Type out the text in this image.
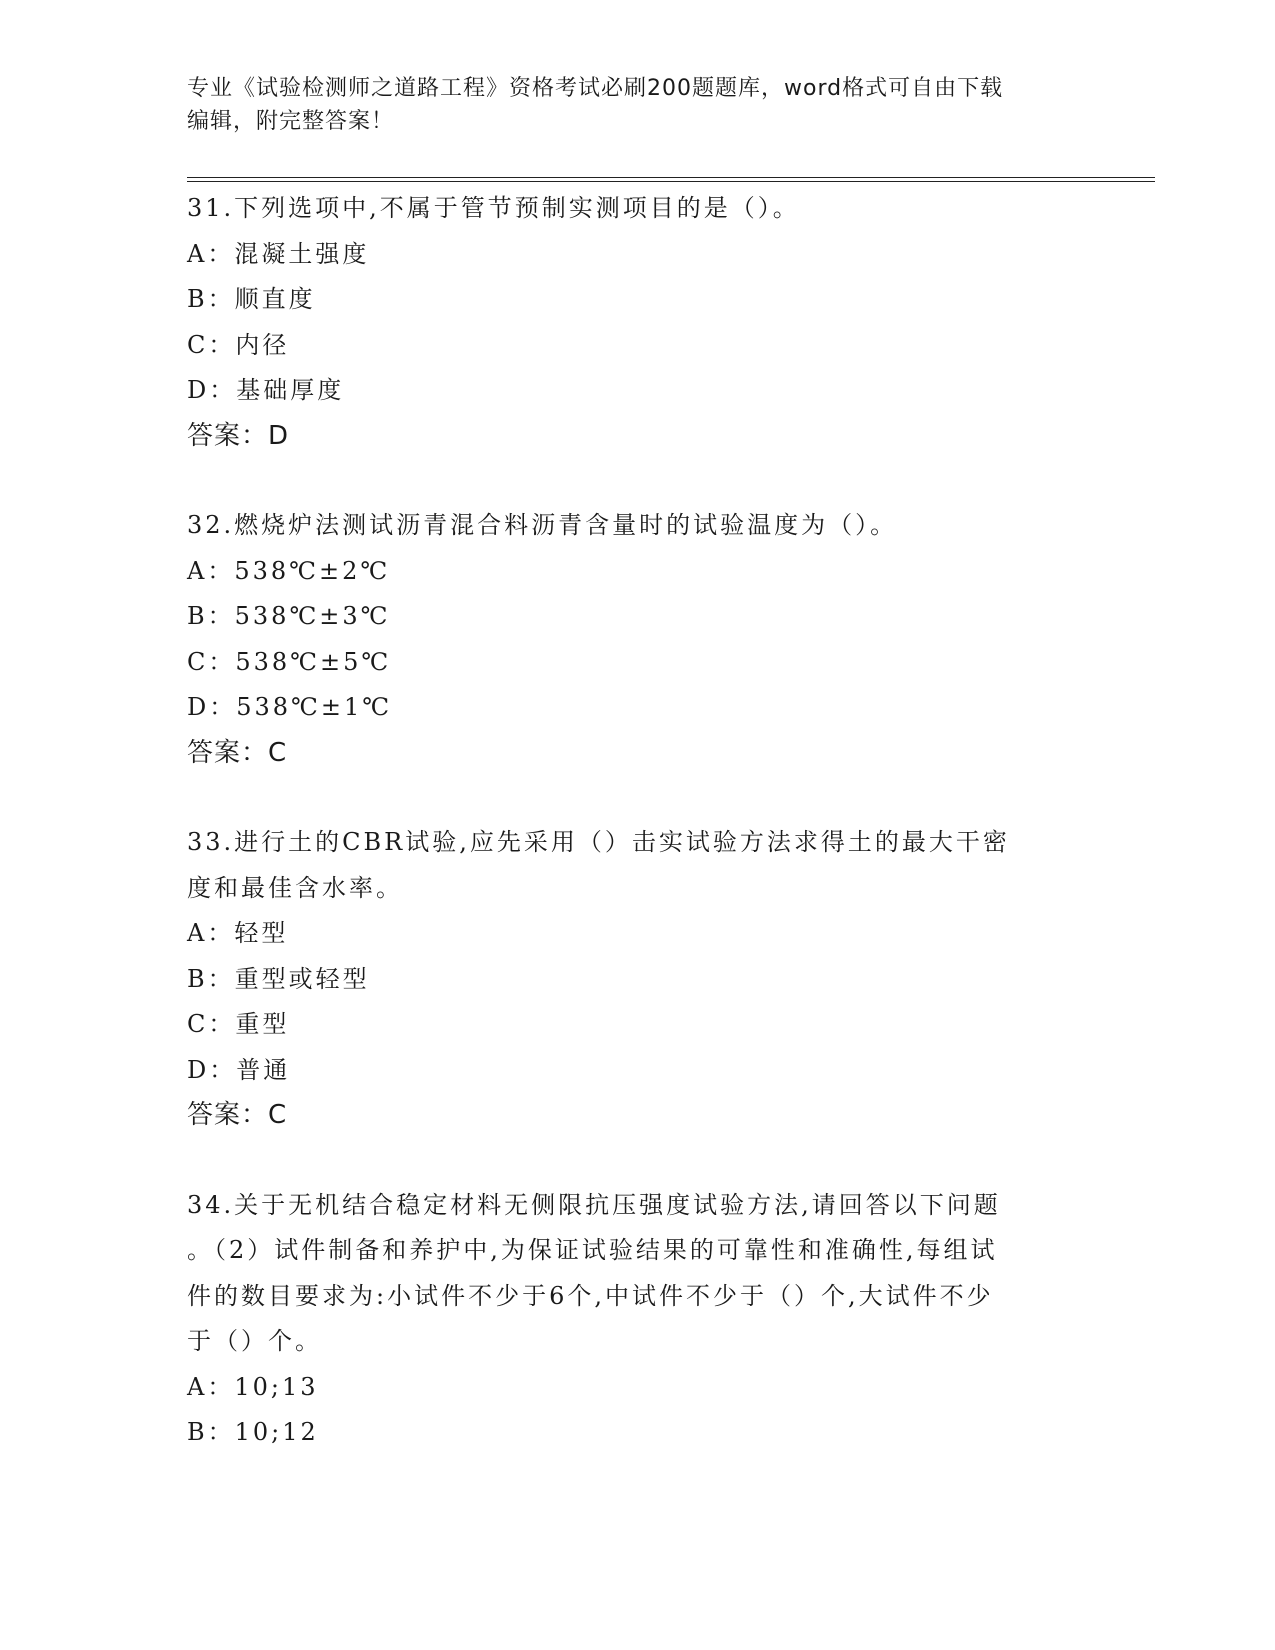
专业《试验检测师之道路工程》资格考试必刷200题题库，word格式可自由下载
编辑，附完整答案！
31.下列选项中,不属于管节预制实测项目的是（）。
A：混凝土强度
B：顺直度
C：内径
D：基础厚度
答案：D
32.燃烧炉法测试沥青混合料沥青含量时的试验温度为（）。
A：538℃±2℃
B：538℃±3℃
C：538℃±5℃
D：538℃±1℃
答案：C
33.进行土的CBR试验,应先采用（）击实试验方法求得土的最大干密
度和最佳含水率。
A：轻型
B：重型或轻型
C：重型
D：普通
答案：C
34.关于无机结合稳定材料无侧限抗压强度试验方法,请回答以下问题
。（2）试件制备和养护中,为保证试验结果的可靠性和准确性,每组试
件的数目要求为:小试件不少于6个,中试件不少于（）个,大试件不少
于（）个。
A：10;13
B：10;12
